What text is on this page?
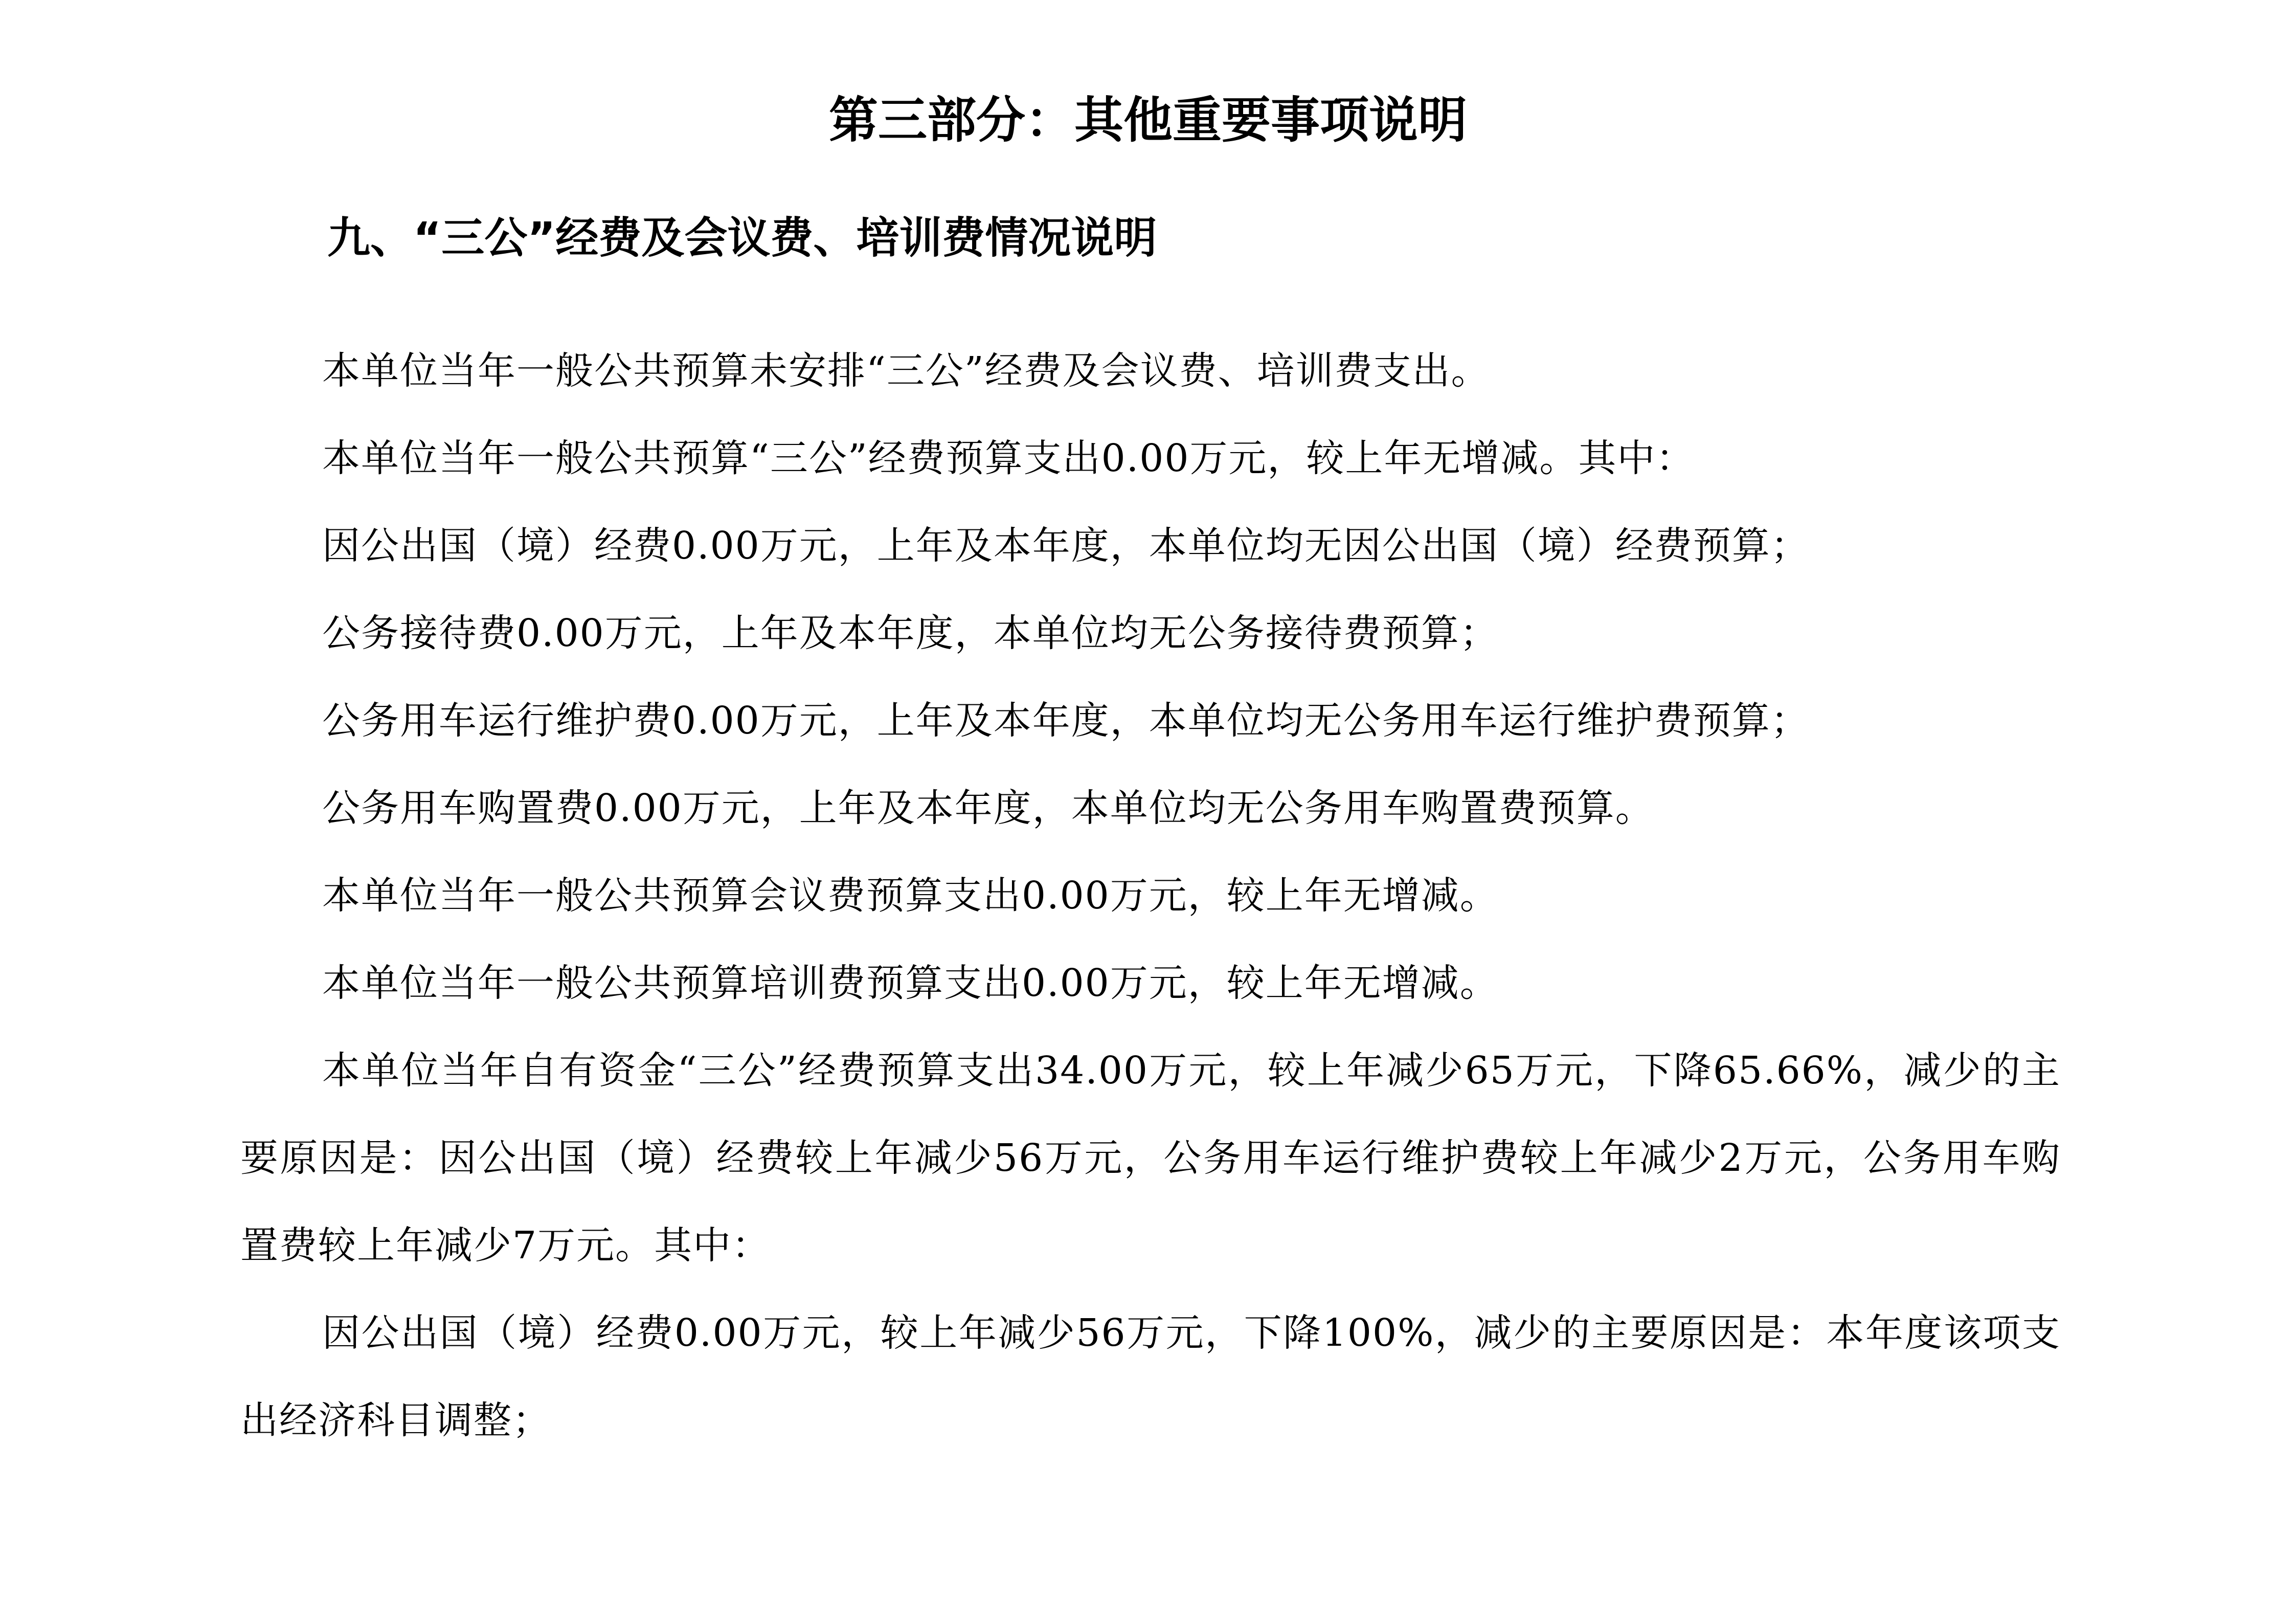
第三部分：其他重要事项说明
九、“三公”经费及会议费、培训费情况说明

本单位当年一般公共预算未安排“三公”经费及会议费、培训费支出。

本单位当年一般公共预算“三公”经费预算支出0.00万元，较上年无增减。其中：

因公出国（境）经费0.00万元，上年及本年度，本单位均无因公出国（境）经费预算；

公务接待费0.00万元，上年及本年度，本单位均无公务接待费预算；

公务用车运行维护费0.00万元，上年及本年度，本单位均无公务用车运行维护费预算；

公务用车购置费0.00万元，上年及本年度，本单位均无公务用车购置费预算。

本单位当年一般公共预算会议费预算支出0.00万元，较上年无增减。

本单位当年一般公共预算培训费预算支出0.00万元，较上年无增减。

本单位当年自有资金“三公”经费预算支出34.00万元，较上年减少65万元，下降65.66%，减少的主要原因是：因公出国（境）经费较上年减少56万元，公务用车运行维护费较上年减少2万元，公务用车购置费较上年减少7万元。其中：

因公出国（境）经费0.00万元，较上年减少56万元，下降100%，减少的主要原因是：本年度该项支出经济科目调整；
